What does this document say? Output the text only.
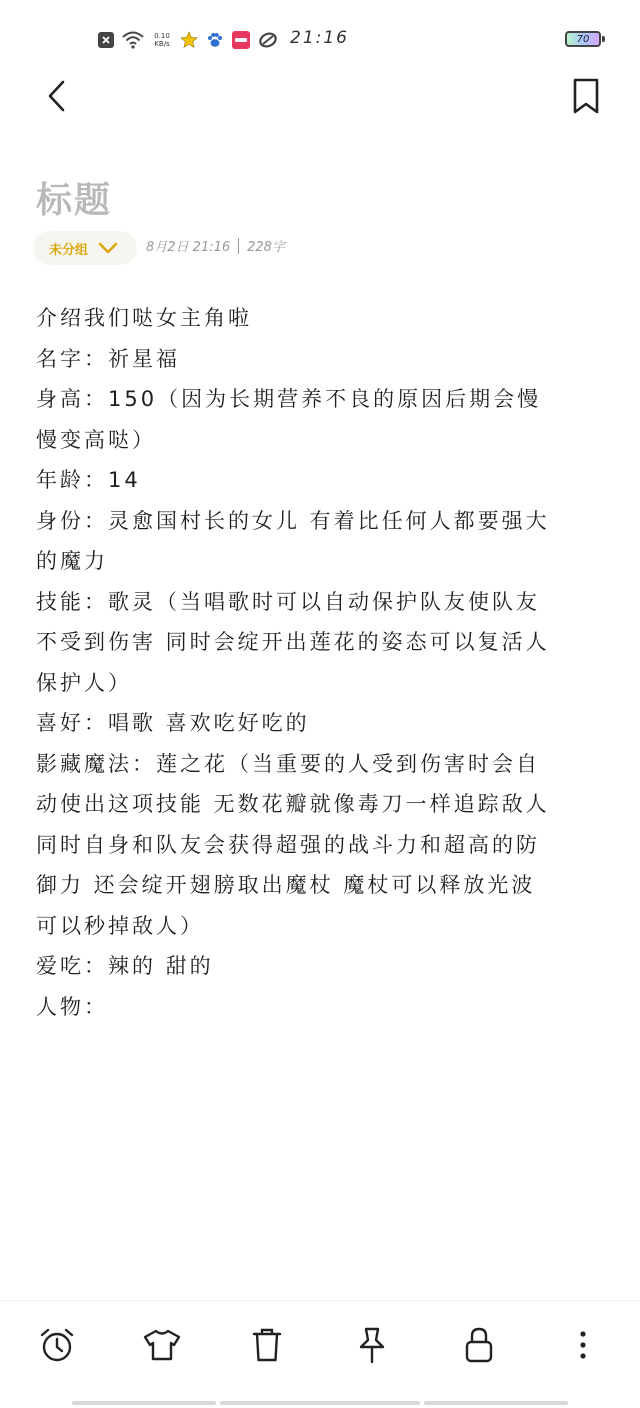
0.10
KB/s	21:16	70
标题
未分组	8月2日 21:16 228字
介绍我们哒女主角啦
名字：祈星福
身高：150（因为长期营养不良的原因后期会慢
慢变高哒）
年龄：14
身份：灵愈国村长的女儿 有着比任何人都要强大
的魔力
技能：歌灵（当唱歌时可以自动保护队友使队友
不受到伤害 同时会绽开出莲花的姿态可以复活人
保护人）
喜好：唱歌 喜欢吃好吃的
影藏魔法：莲之花（当重要的人受到伤害时会自
动使出这项技能 无数花瓣就像毒刀一样追踪敌人
同时自身和队友会获得超强的战斗力和超高的防
御力 还会绽开翅膀取出魔杖 魔杖可以释放光波
可以秒掉敌人）
爱吃：辣的 甜的
人物：
